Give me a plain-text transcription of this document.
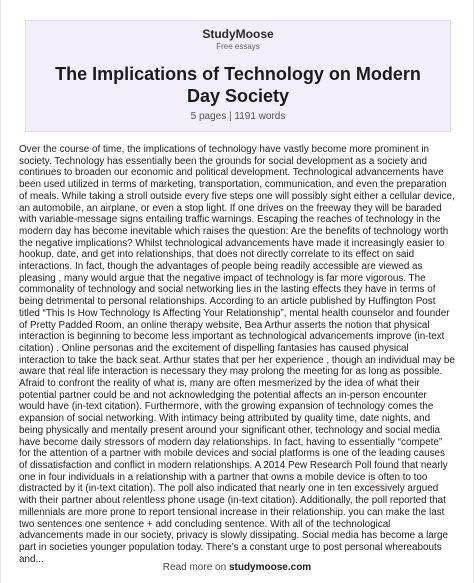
✧✧✧
✧✧✧
StudyMoose
Free essays
The Implications of Technology on Modern Day Society
5 pages | 1191 words

Over the course of time, the implications of technology have vastly become more prominent in society. Technology has essentially been the grounds for social development as a society and continues to broaden our economic and political development. Technological advancements have been used utilized in terms of marketing, transportation, communication, and even the preparation of meals. While taking a stroll outside every five steps one will possibly sight either a cellular device, an automobile, an airplane, or even a stop light. If one drives on the freeway they will be baraded with variable-message signs entailing traffic warnings. Escaping the reaches of technology in the modern day has become inevitable which raises the question: Are the benefits of technology worth the negative implications? Whilst technological advancements have made it increasingly easier to hookup, date, and get into relationships, that does not directly correlate to its effect on said interactions. In fact, though the advantages of people being readily accessible are viewed as pleasing , many would argue that the negative impact of technology is far more vigorous. The commonality of technology and social networking lies in the lasting effects they have in terms of being detrimental to personal relationships. According to an article published by Huffington Post titled “This Is How Technology Is Affecting Your Relationship”, mental health counselor and founder of Pretty Padded Room, an online therapy website, Bea Arthur asserts the notion that physical interaction is beginning to become less important as technological advancements improve (in-text citation) . Online personas and the excitement of dispelling fantasies has caused physical interaction to take the back seat. Arthur states that per her experience , though an individual may be aware that real life interaction is necessary they may prolong the meeting for as long as possible. Afraid to confront the reality of what is, many are often mesmerized by the idea of what their potential partner could be and not acknowledging the potential affects an in-person encounter would have (in-text citation). Furthermore, with the growing expansion of technology comes the expansion of social networking. With intimacy being attributed by quality time, date nights, and being physically and mentally present around your significant other, technology and social media have become daily stressors of modern day relationships. In fact, having to essentially “compete” for the attention of a partner with mobile devices and social platforms is one of the leading causes of dissatisfaction and conflict in modern relationships. A 2014 Pew Research Poll found that nearly one in four individuals in a relationship with a partner that owns a mobile device is often to too distracted by it (in-text citation). The poll also indicated that nearly one in ten excessively argued with their partner about relentless phone usage (in-text citation). Additionally, the poll reported that millennials are more prone to report tensional increase in their relationship. you can make the last two sentences one sentence + add concluding sentence. With all of the technological advancements made in our society, privacy is slowly dissipating. Social media has become a large part in societies younger population today. There’s a constant urge to post personal whereabouts and...

Read more on studymoose.com
